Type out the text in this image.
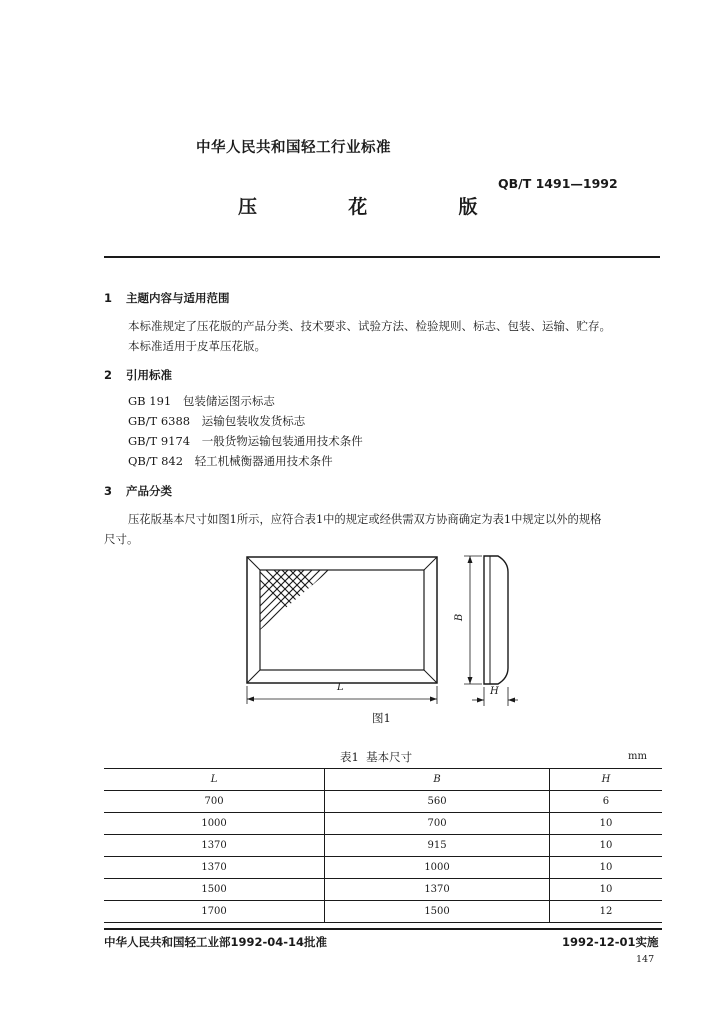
中华人民共和国轻工行业标准
QB/T 1491—1992
压  花  版
1 主题内容与适用范围
本标准规定了压花版的产品分类、技术要求、试验方法、检验规则、标志、包装、运输、贮存。
本标准适用于皮革压花版。
2 引用标准
GB 191 包装储运图示标志
GB/T 6388 运输包装收发货标志
GB/T 9174 一般货物运输包装通用技术条件
QB/T 842 轻工机械衡器通用技术条件
3 产品分类
压花版基本尺寸如图1所示，应符合表1中的规定或经供需双方协商确定为表1中规定以外的规格
尺寸。
L
B
H
图1
表1  基本尺寸	mm
L	B	H
700	560	6
1000	700	10
1370	915	10
1370	1000	10
1500	1370	10
1700	1500	12
中华人民共和国轻工业部1992-04-14批准	1992-12-01实施
147
